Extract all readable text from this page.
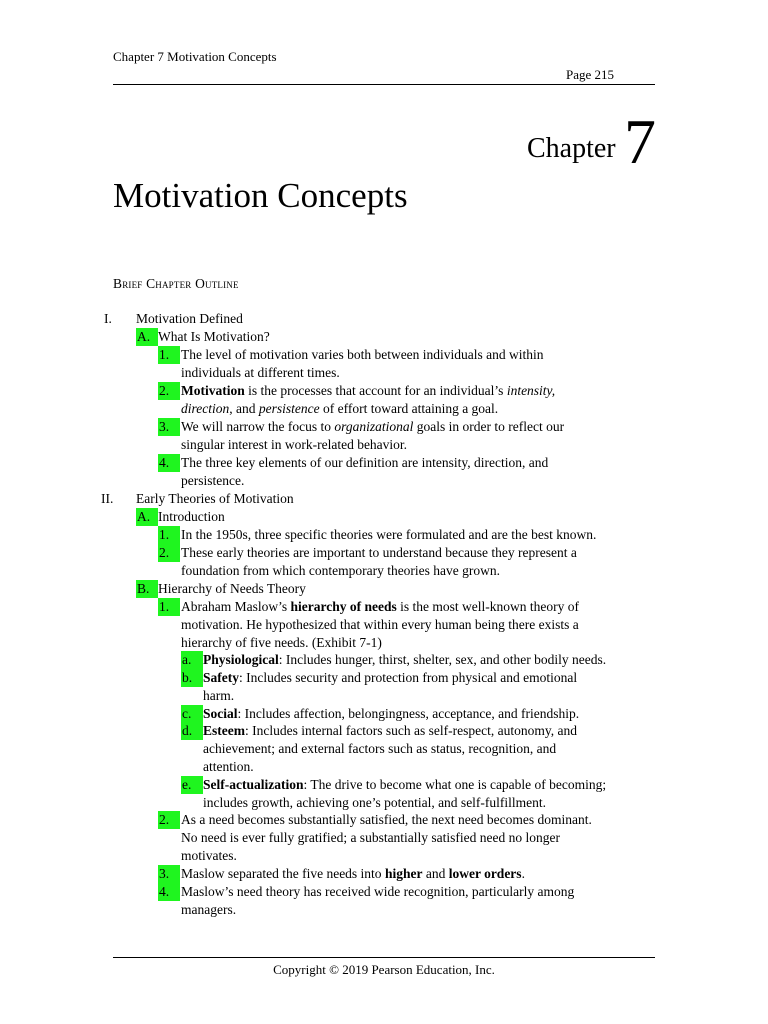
Chapter 7 Motivation Concepts
Page 215
Chapter 7
Motivation Concepts
Brief Chapter Outline
I. Motivation Defined
A. What Is Motivation?
1. The level of motivation varies both between individuals and within
individuals at different times.
2. Motivation is the processes that account for an individual’s intensity,
direction, and persistence of effort toward attaining a goal.
3. We will narrow the focus to organizational goals in order to reflect our
singular interest in work-related behavior.
4. The three key elements of our definition are intensity, direction, and
persistence.
II. Early Theories of Motivation
A. Introduction
1. In the 1950s, three specific theories were formulated and are the best known.
2. These early theories are important to understand because they represent a
foundation from which contemporary theories have grown.
B. Hierarchy of Needs Theory
1. Abraham Maslow’s hierarchy of needs is the most well-known theory of
motivation. He hypothesized that within every human being there exists a
hierarchy of five needs. (Exhibit 7-1)
a. Physiological: Includes hunger, thirst, shelter, sex, and other bodily needs.
b. Safety: Includes security and protection from physical and emotional
harm.
c. Social: Includes affection, belongingness, acceptance, and friendship.
d. Esteem: Includes internal factors such as self-respect, autonomy, and
achievement; and external factors such as status, recognition, and
attention.
e. Self-actualization: The drive to become what one is capable of becoming;
includes growth, achieving one’s potential, and self-fulfillment.
2. As a need becomes substantially satisfied, the next need becomes dominant.
No need is ever fully gratified; a substantially satisfied need no longer
motivates.
3. Maslow separated the five needs into higher and lower orders.
4. Maslow’s need theory has received wide recognition, particularly among
managers.
Copyright © 2019 Pearson Education, Inc.
